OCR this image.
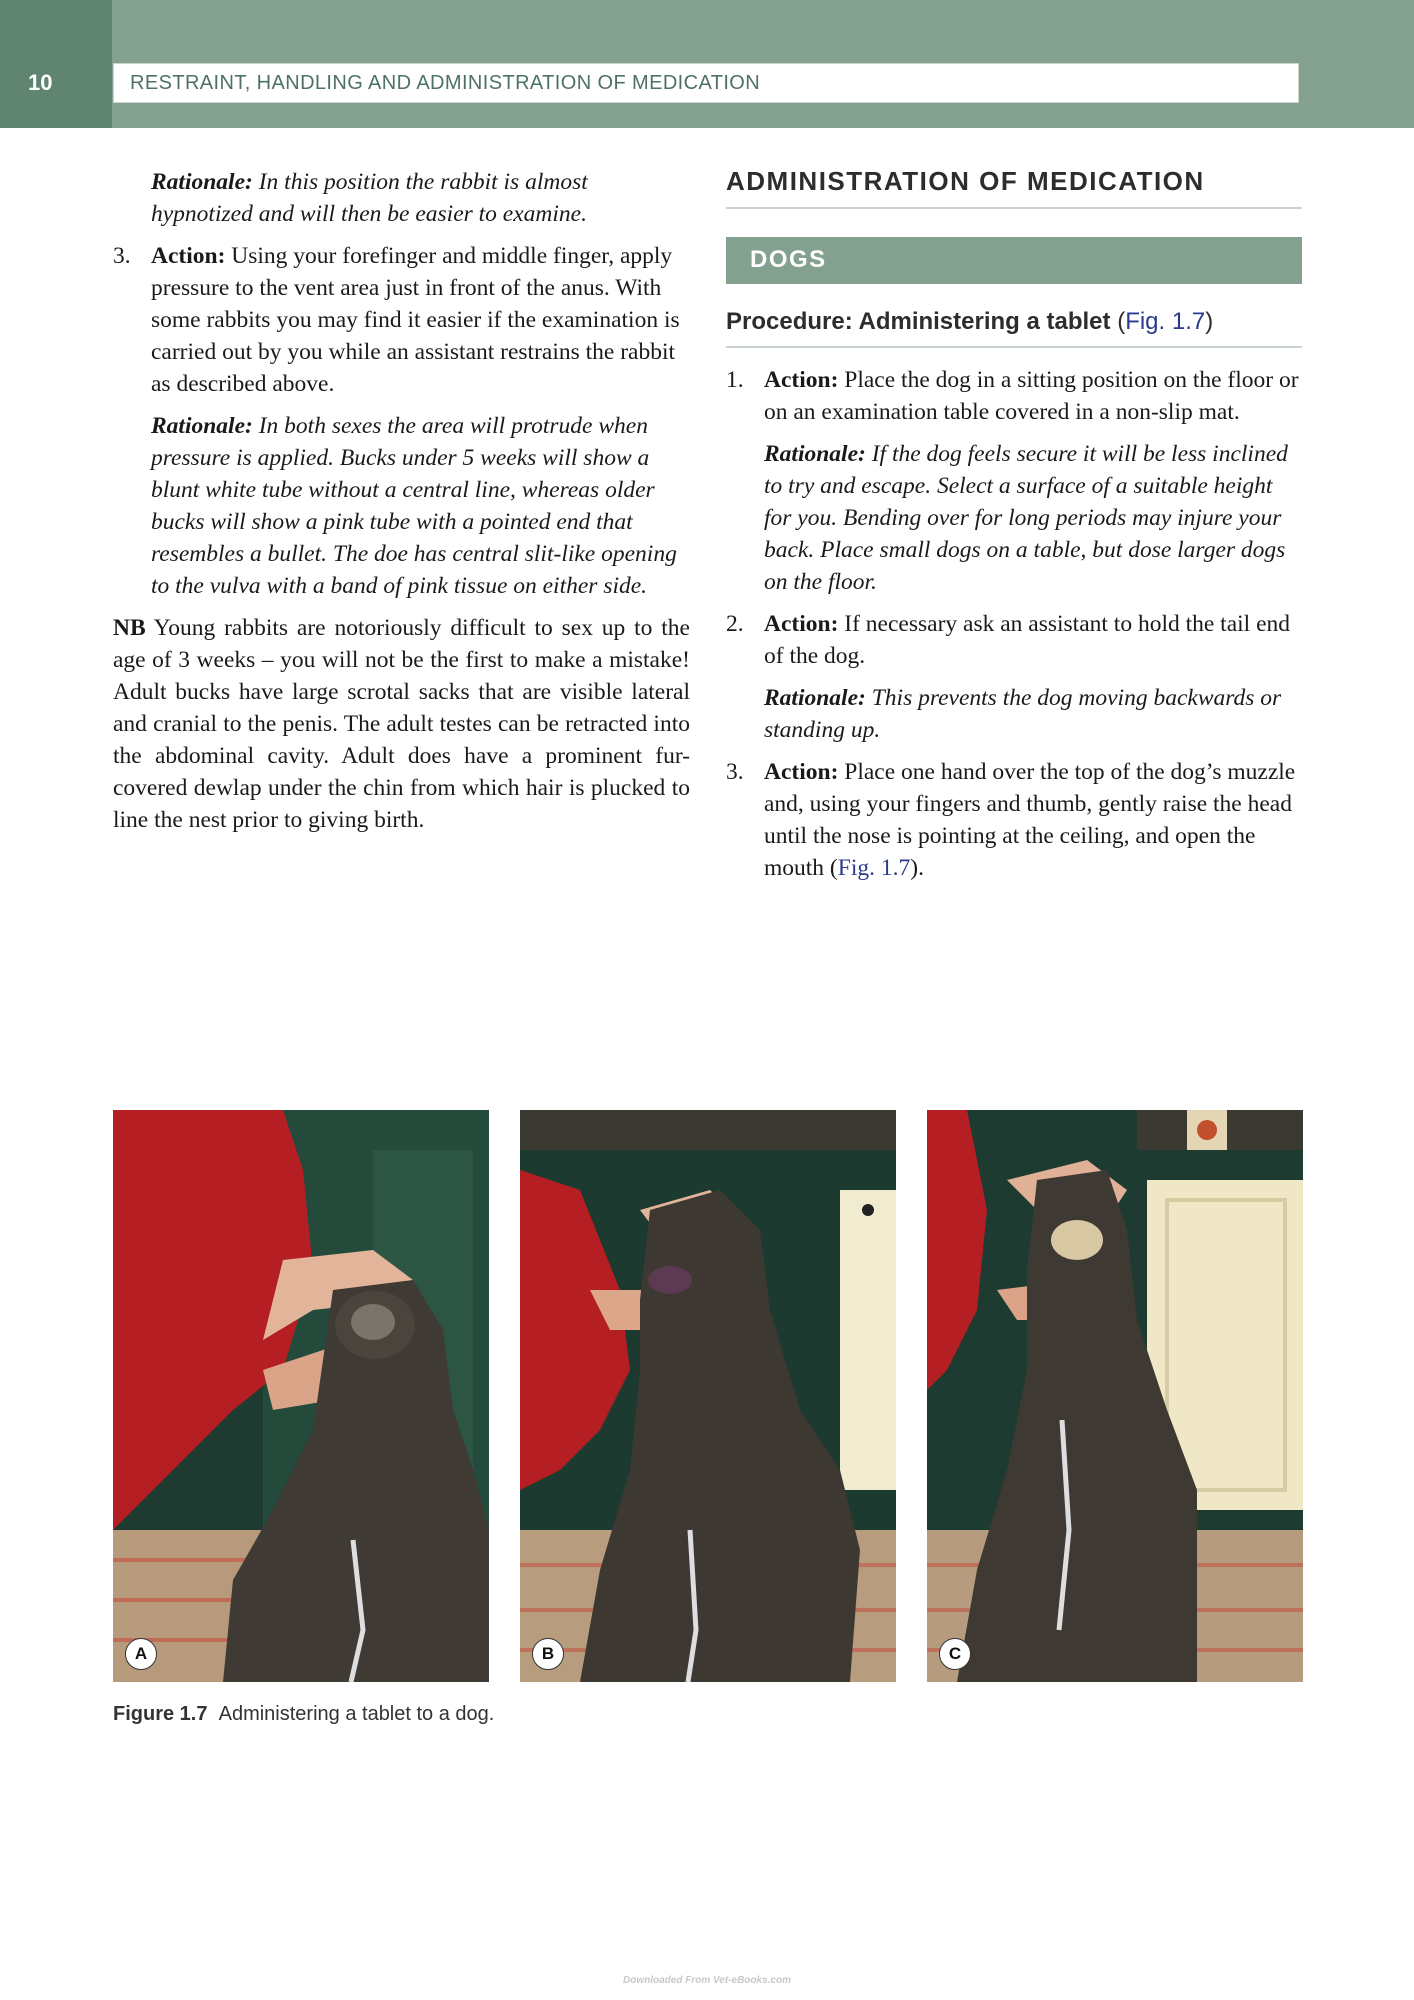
10	RESTRAINT, HANDLING AND ADMINISTRATION OF MEDICATION

Rationale: In this position the rabbit is almost hypnotized and will then be easier to examine.

3. Action: Using your forefinger and middle finger, apply pressure to the vent area just in front of the anus. With some rabbits you may find it easier if the examination is carried out by you while an assistant restrains the rabbit as described above.

Rationale: In both sexes the area will protrude when pressure is applied. Bucks under 5 weeks will show a blunt white tube without a central line, whereas older bucks will show a pink tube with a pointed end that resembles a bullet. The doe has central slit-like opening to the vulva with a band of pink tissue on either side.

NB Young rabbits are notoriously difficult to sex up to the age of 3 weeks – you will not be the first to make a mistake! Adult bucks have large scrotal sacks that are visible lateral and cranial to the penis. The adult testes can be retracted into the abdominal cavity. Adult does have a prominent fur-covered dewlap under the chin from which hair is plucked to line the nest prior to giving birth.

ADMINISTRATION OF MEDICATION
DOGS
Procedure: Administering a tablet (Fig. 1.7)

1. Action: Place the dog in a sitting position on the floor or on an examination table covered in a non-slip mat.

Rationale: If the dog feels secure it will be less inclined to try and escape. Select a surface of a suitable height for you. Bending over for long periods may injure your back. Place small dogs on a table, but dose larger dogs on the floor.

2. Action: If necessary ask an assistant to hold the tail end of the dog.

Rationale: This prevents the dog moving backwards or standing up.

3. Action: Place one hand over the top of the dog’s muzzle and, using your fingers and thumb, gently raise the head until the nose is pointing at the ceiling, and open the mouth (Fig. 1.7).

A	B	C
Figure 1.7 Administering a tablet to a dog.
Downloaded From Vet-eBooks.com
